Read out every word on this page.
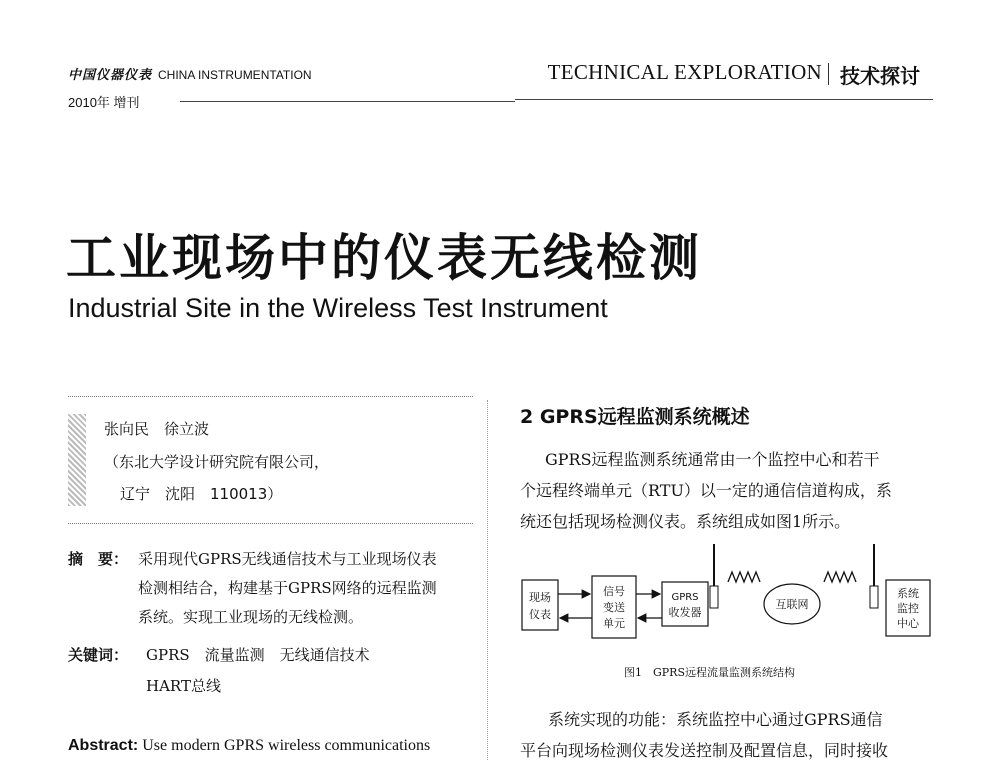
中国仪器仪表 CHINA INSTRUMENTATION
2010年 增刊
TECHNICAL EXPLORATION 技术探讨
工业现场中的仪表无线检测
Industrial Site in the Wireless Test Instrument
张向民　徐立波
（东北大学设计研究院有限公司，
辽宁　沈阳　110013）
摘　要： 采用现代GPRS无线通信技术与工业现场仪表
检测相结合，构建基于GPRS网络的远程监测
系统。实现工业现场的无线检测。
关键词： GPRS　流量监测　无线通信技术
HART总线
Abstract: Use modern GPRS wireless communications
2 GPRS远程监测系统概述
GPRS远程监测系统通常由一个监控中心和若干
个远程终端单元（RTU）以一定的通信信道构成，系
统还包括现场检测仪表。系统组成如图1所示。
现场
仪表
信号
变送
单元
GPRS
收发器
互联网
系统
监控
中心
图1　GPRS远程流量监测系统结构
系统实现的功能：系统监控中心通过GPRS通信
平台向现场检测仪表发送控制及配置信息，同时接收
